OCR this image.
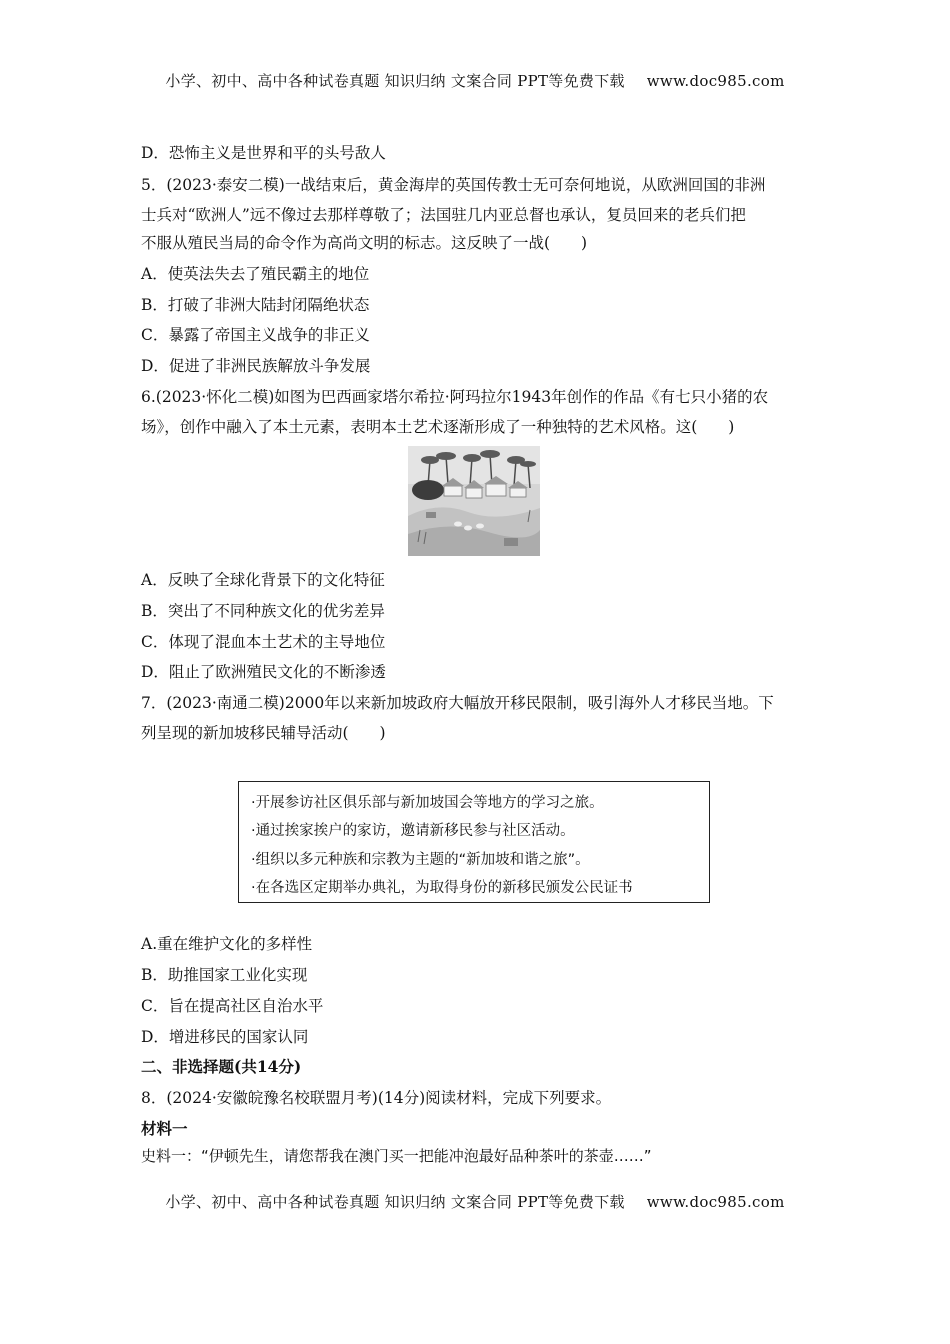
小学、初中、高中各种试卷真题 知识归纳 文案合同 PPT等免费下载 www.doc985.com
D．恐怖主义是世界和平的头号敌人
5．(2023·泰安二模)一战结束后，黄金海岸的英国传教士无可奈何地说，从欧洲回国的非洲
士兵对“欧洲人”远不像过去那样尊敬了；法国驻几内亚总督也承认，复员回来的老兵们把
不服从殖民当局的命令作为高尚文明的标志。这反映了一战(　　)
A．使英法失去了殖民霸主的地位
B．打破了非洲大陆封闭隔绝状态
C．暴露了帝国主义战争的非正义
D．促进了非洲民族解放斗争发展
6.(2023·怀化二模)如图为巴西画家塔尔希拉·阿玛拉尔1943年创作的作品《有七只小猪的农
场》，创作中融入了本土元素，表明本土艺术逐渐形成了一种独特的艺术风格。这(　　)
A．反映了全球化背景下的文化特征
B．突出了不同种族文化的优劣差异
C．体现了混血本土艺术的主导地位
D．阻止了欧洲殖民文化的不断渗透
7．(2023·南通二模)2000年以来新加坡政府大幅放开移民限制，吸引海外人才移民当地。下
列呈现的新加坡移民辅导活动(　　)
·开展参访社区俱乐部与新加坡国会等地方的学习之旅。
·通过挨家挨户的家访，邀请新移民参与社区活动。
·组织以多元种族和宗教为主题的“新加坡和谐之旅”。
·在各选区定期举办典礼，为取得身份的新移民颁发公民证书
A.重在维护文化的多样性
B．助推国家工业化实现
C．旨在提高社区自治水平
D．增进移民的国家认同
二、非选择题(共14分)
8．(2024·安徽皖豫名校联盟月考)(14分)阅读材料，完成下列要求。
材料一
史料一：“伊顿先生，请您帮我在澳门买一把能冲泡最好品种茶叶的茶壶……”
小学、初中、高中各种试卷真题 知识归纳 文案合同 PPT等免费下载 www.doc985.com
